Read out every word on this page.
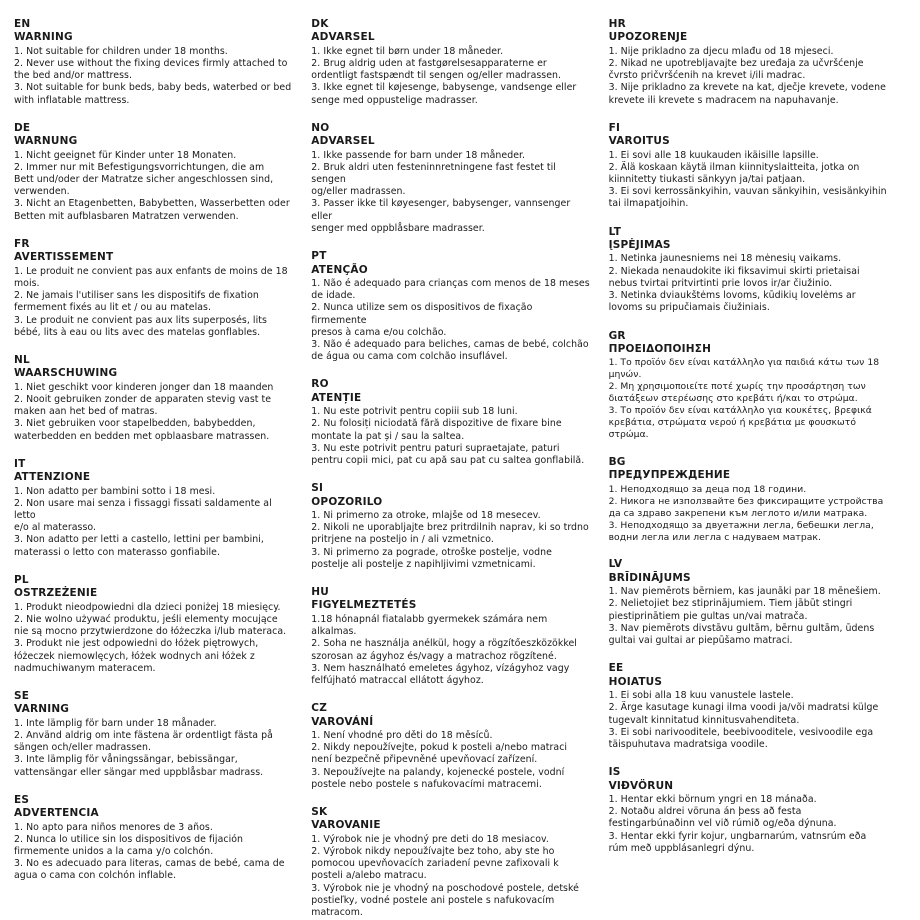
EN
WARNING
1. Not suitable for children under 18 months.
2. Never use without the fixing devices firmly attached to
the bed and/or mattress.
3. Not suitable for bunk beds, baby beds, waterbed or bed
with inflatable mattress.
DE
WARNUNG
1. Nicht geeignet für Kinder unter 18 Monaten.
2. Immer nur mit Befestigungsvorrichtungen, die am
Bett und/oder der Matratze sicher angeschlossen sind,
verwenden.
3. Nicht an Etagenbetten, Babybetten, Wasserbetten oder
Betten mit aufblasbaren Matratzen verwenden.
FR
AVERTISSEMENT
1. Le produit ne convient pas aux enfants de moins de 18
mois.
2. Ne jamais l'utiliser sans les dispositifs de fixation
fermement fixés au lit et / ou au matelas.
3. Le produit ne convient pas aux lits superposés, lits
bébé, lits à eau ou lits avec des matelas gonflables.
NL
WAARSCHUWING
1. Niet geschikt voor kinderen jonger dan 18 maanden
2. Nooit gebruiken zonder de apparaten stevig vast te
maken aan het bed of matras.
3. Niet gebruiken voor stapelbedden, babybedden,
waterbedden en bedden met opblaasbare matrassen.
IT
ATTENZIONE
1. Non adatto per bambini sotto i 18 mesi.
2. Non usare mai senza i fissaggi fissati saldamente al letto
e/o al materasso.
3. Non adatto per letti a castello, lettini per bambini,
materassi o letto con materasso gonfiabile.
PL
OSTRZEŻENIE
1. Produkt nieodpowiedni dla dzieci poniżej 18 miesięcy.
2. Nie wolno używać produktu, jeśli elementy mocujące
nie są mocno przytwierdzone do łóżeczka i/lub materaca.
3. Produkt nie jest odpowiedni do łóżek piętrowych,
łóżeczek niemowlęcych, łóżek wodnych ani łóżek z
nadmuchiwanym materacem.
SE
VARNING
1. Inte lämplig för barn under 18 månader.
2. Använd aldrig om inte fästena är ordentligt fästa på
sängen och/eller madrassen.
3. Inte lämplig för våningssängar, bebissängar,
vattensängar eller sängar med uppblåsbar madrass.
ES
ADVERTENCIA
1. No apto para niños menores de 3 años.
2. Nunca lo utilice sin los dispositivos de fijación
firmemente unidos a la cama y/o colchón.
3. No es adecuado para literas, camas de bebé, cama de
agua o cama con colchón inflable.
DK
ADVARSEL
1. Ikke egnet til børn under 18 måneder.
2. Brug aldrig uden at fastgørelsesapparaterne er
ordentligt fastspændt til sengen og/eller madrassen.
3. Ikke egnet til køjesenge, babysenge, vandsenge eller
senge med oppustelige madrasser.
NO
ADVARSEL
1. Ikke passende for barn under 18 måneder.
2. Bruk aldri uten festeninnretningene fast festet til sengen
og/eller madrassen.
3. Passer ikke til køyesenger, babysenger, vannsenger eller
senger med oppblåsbare madrasser.
PT
ATENÇÃO
1. Não é adequado para crianças com menos de 18 meses
de idade.
2. Nunca utilize sem os dispositivos de fixação firmemente
presos à cama e/ou colchão.
3. Não é adequado para beliches, camas de bebé, colchão
de água ou cama com colchão insuflável.
RO
ATENȚIE
1. Nu este potrivit pentru copiii sub 18 luni.
2. Nu folosiți niciodată fără dispozitive de fixare bine
montate la pat și / sau la saltea.
3. Nu este potrivit pentru paturi supraetajate, paturi
pentru copii mici, pat cu apă sau pat cu saltea gonflabilă.
SI
OPOZORILO
1. Ni primerno za otroke, mlajše od 18 mesecev.
2. Nikoli ne uporabljajte brez pritrdilnih naprav, ki so trdno
pritrjene na posteljo in / ali vzmetnico.
3. Ni primerno za pograde, otroške postelje, vodne
postelje ali postelje z napihljivimi vzmetnicami.
HU
FIGYELMEZTETÉS
1.18 hónapnál fiatalabb gyermekek számára nem
alkalmas.
2. Soha ne használja anélkül, hogy a rögzítőeszközökkel
szorosan az ágyhoz és/vagy a matrachoz rögzítené.
3. Nem használható emeletes ágyhoz, vízágyhoz vagy
felfújható matraccal ellátott ágyhoz.
CZ
VAROVÁNÍ
1. Není vhodné pro děti do 18 měsíců.
2. Nikdy nepoužívejte, pokud k posteli a/nebo matraci
není bezpečně připevněné upevňovací zařízení.
3. Nepoužívejte na palandy, kojenecké postele, vodní
postele nebo postele s nafukovacími matracemi.
SK
VAROVANIE
1. Výrobok nie je vhodný pre deti do 18 mesiacov.
2. Výrobok nikdy nepoužívajte bez toho, aby ste ho
pomocou upevňovacích zariadení pevne zafixovali k
posteli a/alebo matracu.
3. Výrobok nie je vhodný na poschodové postele, detské
postieľky, vodné postele ani postele s nafukovacím
matracom.
HR
UPOZORENJE
1. Nije prikladno za djecu mlađu od 18 mjeseci.
2. Nikad ne upotrebljavajte bez uređaja za učvršćenje
čvrsto pričvršćenih na krevet i/ili madrac.
3. Nije prikladno za krevete na kat, dječje krevete, vodene
krevete ili krevete s madracem na napuhavanje.
FI
VAROITUS
1. Ei sovi alle 18 kuukauden ikäisille lapsille.
2. Älä koskaan käytä ilman kiinnityslaitteita, jotka on
kiinnitetty tiukasti sänkyyn ja/tai patjaan.
3. Ei sovi kerrossänkyihin, vauvan sänkyihin, vesisänkyihin
tai ilmapatjoihin.
LT
ĮSPĖJIMAS
1. Netinka jaunesniems nei 18 mėnesių vaikams.
2. Niekada nenaudokite iki fiksavimui skirti prietaisai
nebus tvirtai pritvirtinti prie lovos ir/ar čiužinio.
3. Netinka dviaukštėms lovoms, kūdikių lovelėms ar
lovoms su pripučiamais čiužiniais.
GR
ΠΡΟΕΙΔΟΠΟΙΗΣΗ
1. Το προϊόν δεν είναι κατάλληλο για παιδιά κάτω των 18
μηνών.
2. Μη χρησιμοποιείτε ποτέ χωρίς την προσάρτηση των
διατάξεων στερέωσης στο κρεβάτι ή/και το στρώμα.
3. Το προϊόν δεν είναι κατάλληλο για κουκέτες, βρεφικά
κρεβάτια, στρώματα νερού ή κρεβάτια με φουσκωτό
στρώμα.
BG
ПРЕДУПРЕЖДЕНИЕ
1. Неподходящо за деца под 18 години.
2. Никога не използвайте без фиксиращите устройства
да са здраво закрепени към леглото и/или матрака.
3. Неподходящо за двуетажни легла, бебешки легла,
водни легла или легла с надуваем матрак.
LV
BRĪDINĀJUMS
1. Nav piemērots bērniem, kas jaunāki par 18 mēnešiem.
2. Nelietojiet bez stiprinājumiem. Tiem jābūt stingri
piestiprinātiem pie gultas un/vai matrača.
3. Nav piemērots divstāvu gultām, bērnu gultām, ūdens
gultai vai gultai ar piepūšamo matraci.
EE
HOIATUS
1. Ei sobi alla 18 kuu vanustele lastele.
2. Ärge kasutage kunagi ilma voodi ja/või madratsi külge
tugevalt kinnitatud kinnitusvahenditeta.
3. Ei sobi narivooditele, beebivooditele, vesivoodile ega
täispuhutava madratsiga voodile.
IS
VIÐVÖRUN
1. Hentar ekki börnum yngri en 18 mánaða.
2. Notaðu aldrei vöruna án þess að festa
festingarbúnaðinn vel við rúmið og/eða dýnuna.
3. Hentar ekki fyrir kojur, ungbarnarúm, vatnsrúm eða
rúm með uppblásanlegri dýnu.
